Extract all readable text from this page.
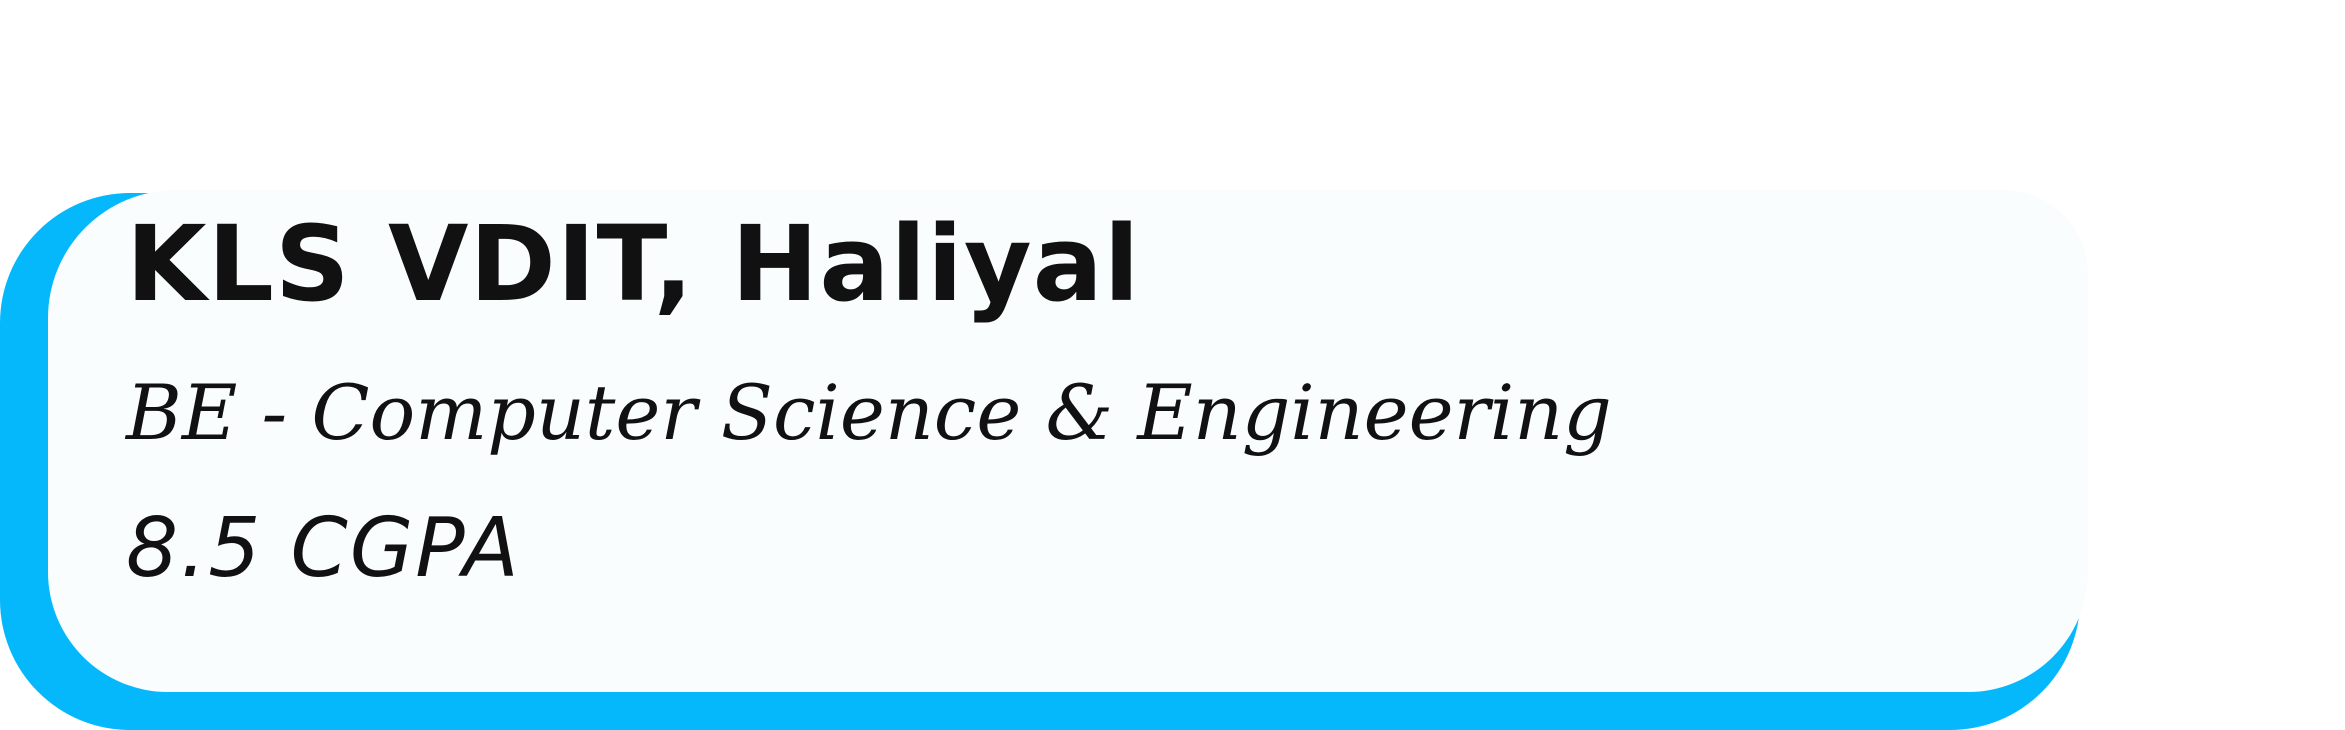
KLS VDIT, Haliyal
BE - Computer Science & Engineering
8.5 CGPA
